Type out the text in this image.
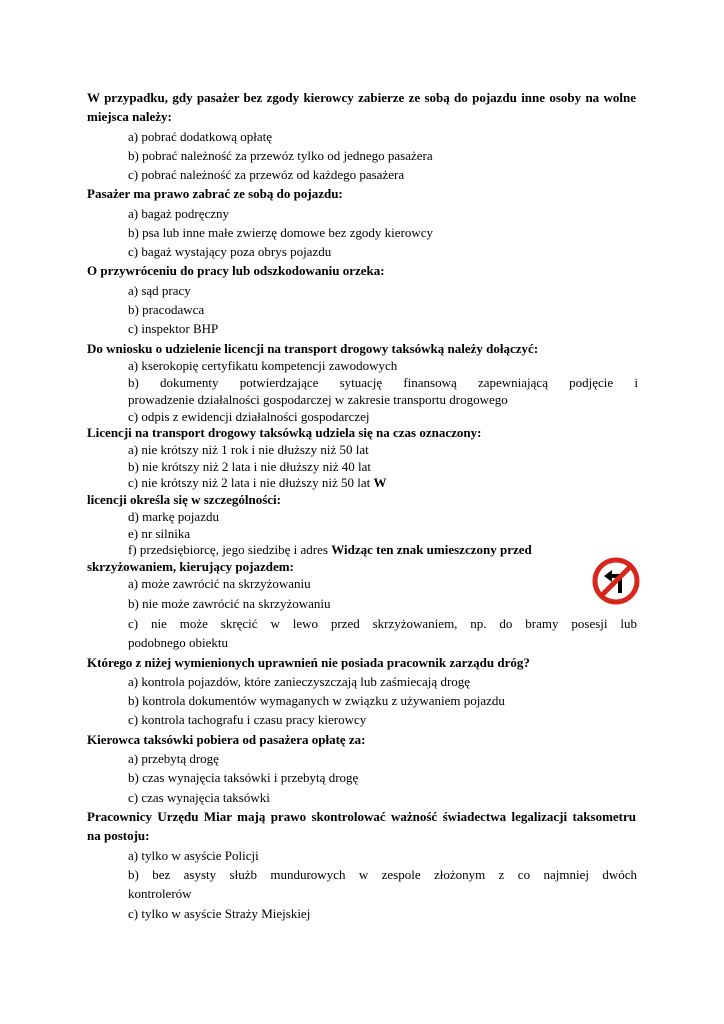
W przypadku, gdy pasażer bez zgody kierowcy zabierze ze sobą do pojazdu inne osoby na wolne
miejsca należy:
a) pobrać dodatkową opłatę
b) pobrać należność za przewóz tylko od jednego pasażera
c) pobrać należność za przewóz od każdego pasażera
Pasażer ma prawo zabrać ze sobą do pojazdu:
a) bagaż podręczny
b) psa lub inne małe zwierzę domowe bez zgody kierowcy
c) bagaż wystający poza obrys pojazdu
O przywróceniu do pracy lub odszkodowaniu orzeka:
a) sąd pracy
b) pracodawca
c) inspektor BHP
Do wniosku o udzielenie licencji na transport drogowy taksówką należy dołączyć:
a) kserokopię certyfikatu kompetencji zawodowych
b) dokumenty potwierdzające sytuację finansową zapewniającą podjęcie i
prowadzenie działalności gospodarczej w zakresie transportu drogowego
c) odpis z ewidencji działalności gospodarczej
Licencji na transport drogowy taksówką udziela się na czas oznaczony:
a) nie krótszy niż 1 rok i nie dłuższy niż 50 lat
b) nie krótszy niż 2 lata i nie dłuższy niż 40 lat
c) nie krótszy niż 2 lata i nie dłuższy niż 50 lat W
licencji określa się w szczególności:
d) markę pojazdu
e) nr silnika
f) przedsiębiorcę, jego siedzibę i adres Widząc ten znak umieszczony przed
skrzyżowaniem, kierujący pojazdem:
a) może zawrócić na skrzyżowaniu
b) nie może zawrócić na skrzyżowaniu
c) nie może skręcić w lewo przed skrzyżowaniem, np. do bramy posesji lub
podobnego obiektu
Którego z niżej wymienionych uprawnień nie posiada pracownik zarządu dróg?
a) kontrola pojazdów, które zanieczyszczają lub zaśmiecają drogę
b) kontrola dokumentów wymaganych w związku z używaniem pojazdu
c) kontrola tachografu i czasu pracy kierowcy
Kierowca taksówki pobiera od pasażera opłatę za:
a) przebytą drogę
b) czas wynajęcia taksówki i przebytą drogę
c) czas wynajęcia taksówki
Pracownicy Urzędu Miar mają prawo skontrolować ważność świadectwa legalizacji taksometru
na postoju:
a) tylko w asyście Policji
b) bez asysty służb mundurowych w zespole złożonym z co najmniej dwóch
kontrolerów
c) tylko w asyście Straży Miejskiej
